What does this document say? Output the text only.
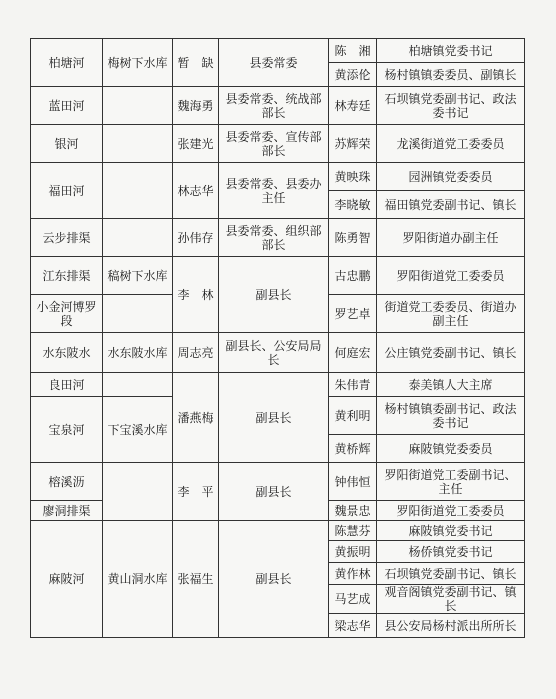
柏塘河	梅树下水库	暂　缺	县委常委	陈　湘	柏塘镇党委书记
				黄添伦	杨村镇镇委委员、副镇长
蓝田河		魏海勇	县委常委、统战部部长	林寿廷	石坝镇党委副书记、政法委书记
银河		张建光	县委常委、宣传部部长	苏辉荣	龙溪街道党工委委员
福田河		林志华	县委常委、县委办主任	黄映珠	园洲镇党委委员
				李晓敏	福田镇党委副书记、镇长
云步排渠		孙伟存	县委常委、组织部部长	陈勇智	罗阳街道办副主任
江东排渠	稿树下水库	李　林	副县长	古忠鹏	罗阳街道党工委委员
小金河博罗段				罗艺卓	街道党工委委员、街道办副主任
水东陂水	水东陂水库	周志亮	副县长、公安局局长	何庭宏	公庄镇党委副书记、镇长
良田河		潘燕梅	副县长	朱伟青	泰美镇人大主席
宝泉河	下宝溪水库			黄利明	杨村镇镇委副书记、政法委书记
				黄桥辉	麻陂镇党委委员
榕溪沥		李　平	副县长	钟伟恒	罗阳街道党工委副书记、主任
廖洞排渠				魏景忠	罗阳街道党工委委员
麻陂河	黄山洞水库	张福生	副县长	陈慧芬	麻陂镇党委书记
				黄振明	杨侨镇党委书记
				黄作林	石坝镇党委副书记、镇长
				马艺成	观音阁镇党委副书记、镇长
				梁志华	县公安局杨村派出所所长
